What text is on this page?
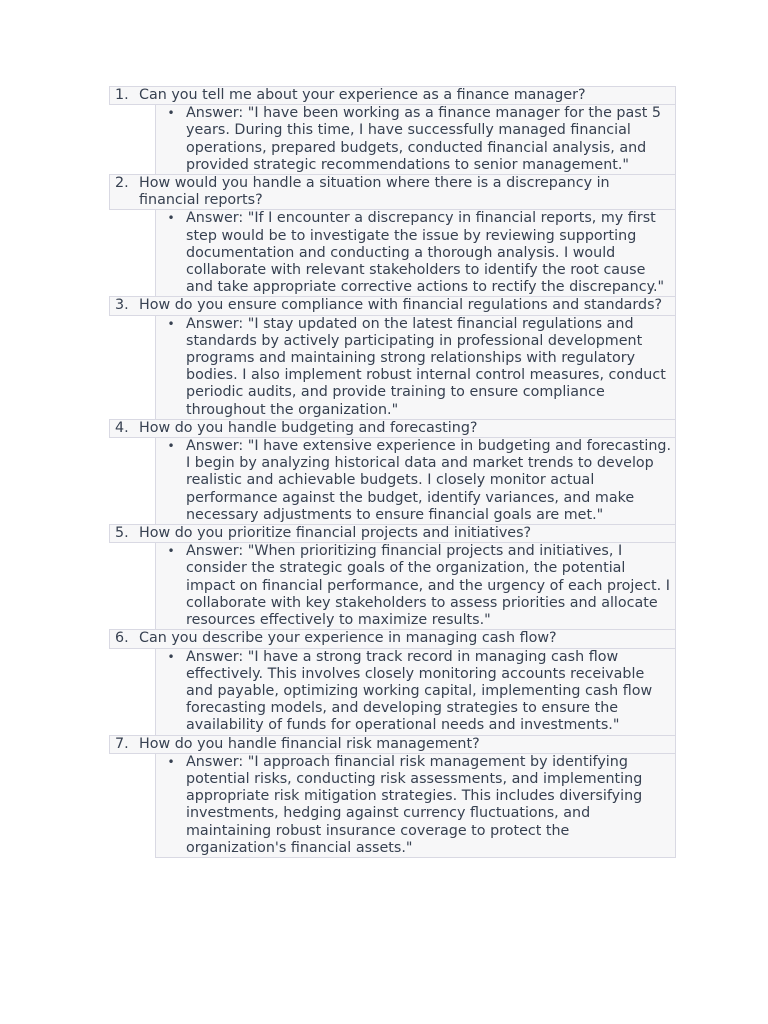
1. Can you tell me about your experience as a finance manager?
• Answer: "I have been working as a finance manager for the past 5 years. During this time, I have successfully managed financial operations, prepared budgets, conducted financial analysis, and provided strategic recommendations to senior management."
2. How would you handle a situation where there is a discrepancy in financial reports?
• Answer: "If I encounter a discrepancy in financial reports, my first step would be to investigate the issue by reviewing supporting documentation and conducting a thorough analysis. I would collaborate with relevant stakeholders to identify the root cause and take appropriate corrective actions to rectify the discrepancy."
3. How do you ensure compliance with financial regulations and standards?
• Answer: "I stay updated on the latest financial regulations and standards by actively participating in professional development programs and maintaining strong relationships with regulatory bodies. I also implement robust internal control measures, conduct periodic audits, and provide training to ensure compliance throughout the organization."
4. How do you handle budgeting and forecasting?
• Answer: "I have extensive experience in budgeting and forecasting. I begin by analyzing historical data and market trends to develop realistic and achievable budgets. I closely monitor actual performance against the budget, identify variances, and make necessary adjustments to ensure financial goals are met."
5. How do you prioritize financial projects and initiatives?
• Answer: "When prioritizing financial projects and initiatives, I consider the strategic goals of the organization, the potential impact on financial performance, and the urgency of each project. I collaborate with key stakeholders to assess priorities and allocate resources effectively to maximize results."
6. Can you describe your experience in managing cash flow?
• Answer: "I have a strong track record in managing cash flow effectively. This involves closely monitoring accounts receivable and payable, optimizing working capital, implementing cash flow forecasting models, and developing strategies to ensure the availability of funds for operational needs and investments."
7. How do you handle financial risk management?
• Answer: "I approach financial risk management by identifying potential risks, conducting risk assessments, and implementing appropriate risk mitigation strategies. This includes diversifying investments, hedging against currency fluctuations, and maintaining robust insurance coverage to protect the organization's financial assets."
